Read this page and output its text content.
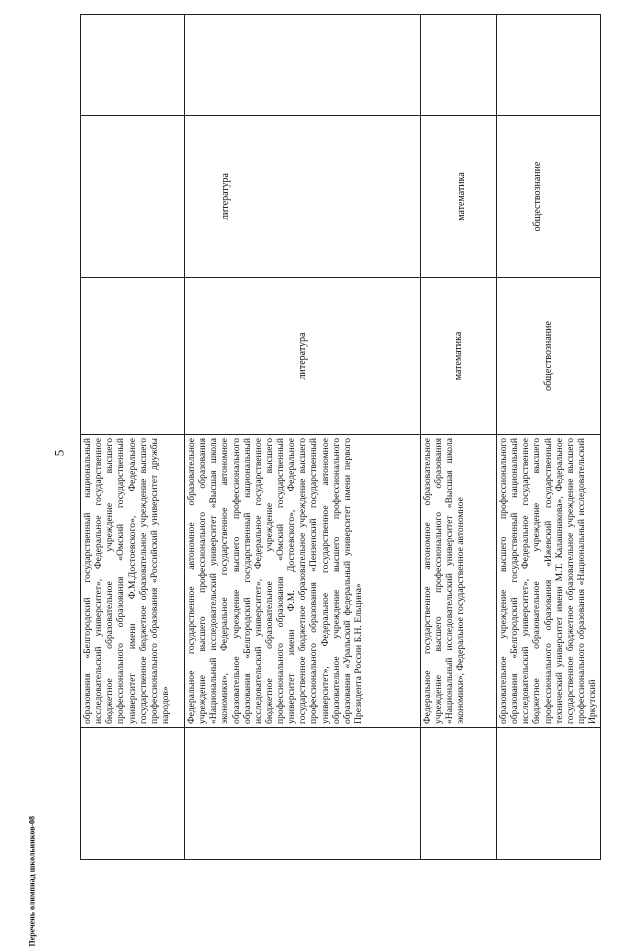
5
Перечень олимпиад школьников-08
	образования «Белгородский государственный национальный исследовательский университет», Федеральное государственное бюджетное образовательное учреждение высшего профессионального образования «Омский государственный университет имени Ф.М.Достоевского», Федеральное государственное бюджетное образовательное учреждение высшего профессионального образования «Российский университет дружбы народов»			
	Федеральное государственное автономное образовательное учреждение высшего профессионального образования «Национальный исследовательский университет «Высшая школа экономики», Федеральное государственное автономное образовательное учреждение высшего профессионального образования «Белгородский государственный национальный исследовательский университет», Федеральное государственное бюджетное образовательное учреждение высшего профессионального образования «Омский государственный университет имени Ф.М. Достоевского», Федеральное государственное бюджетное образовательное учреждение высшего профессионального образования «Пензенский государственный университет», Федеральное государственное автономное образовательное учреждение высшего профессионального образования «Уральский федеральный университет имени первого Президента России Б.Н. Ельцина»	литература	литература	
	Федеральное государственное автономное образовательное учреждение высшего профессионального образования «Национальный исследовательский университет «Высшая школа экономики», Федеральное государственное автономное	математика	математика	
	образовательное учреждение высшего профессионального образования «Белгородский государственный национальный исследовательский университет», Федеральное государственное бюджетное образовательное учреждение высшего профессионального образования «Ижевский государственный технический университет имени М.Т. Калашникова», Федеральное государственное бюджетное образовательное учреждение высшего профессионального образования «Национальный исследовательский Иркутский	обществознание	обществознание	
